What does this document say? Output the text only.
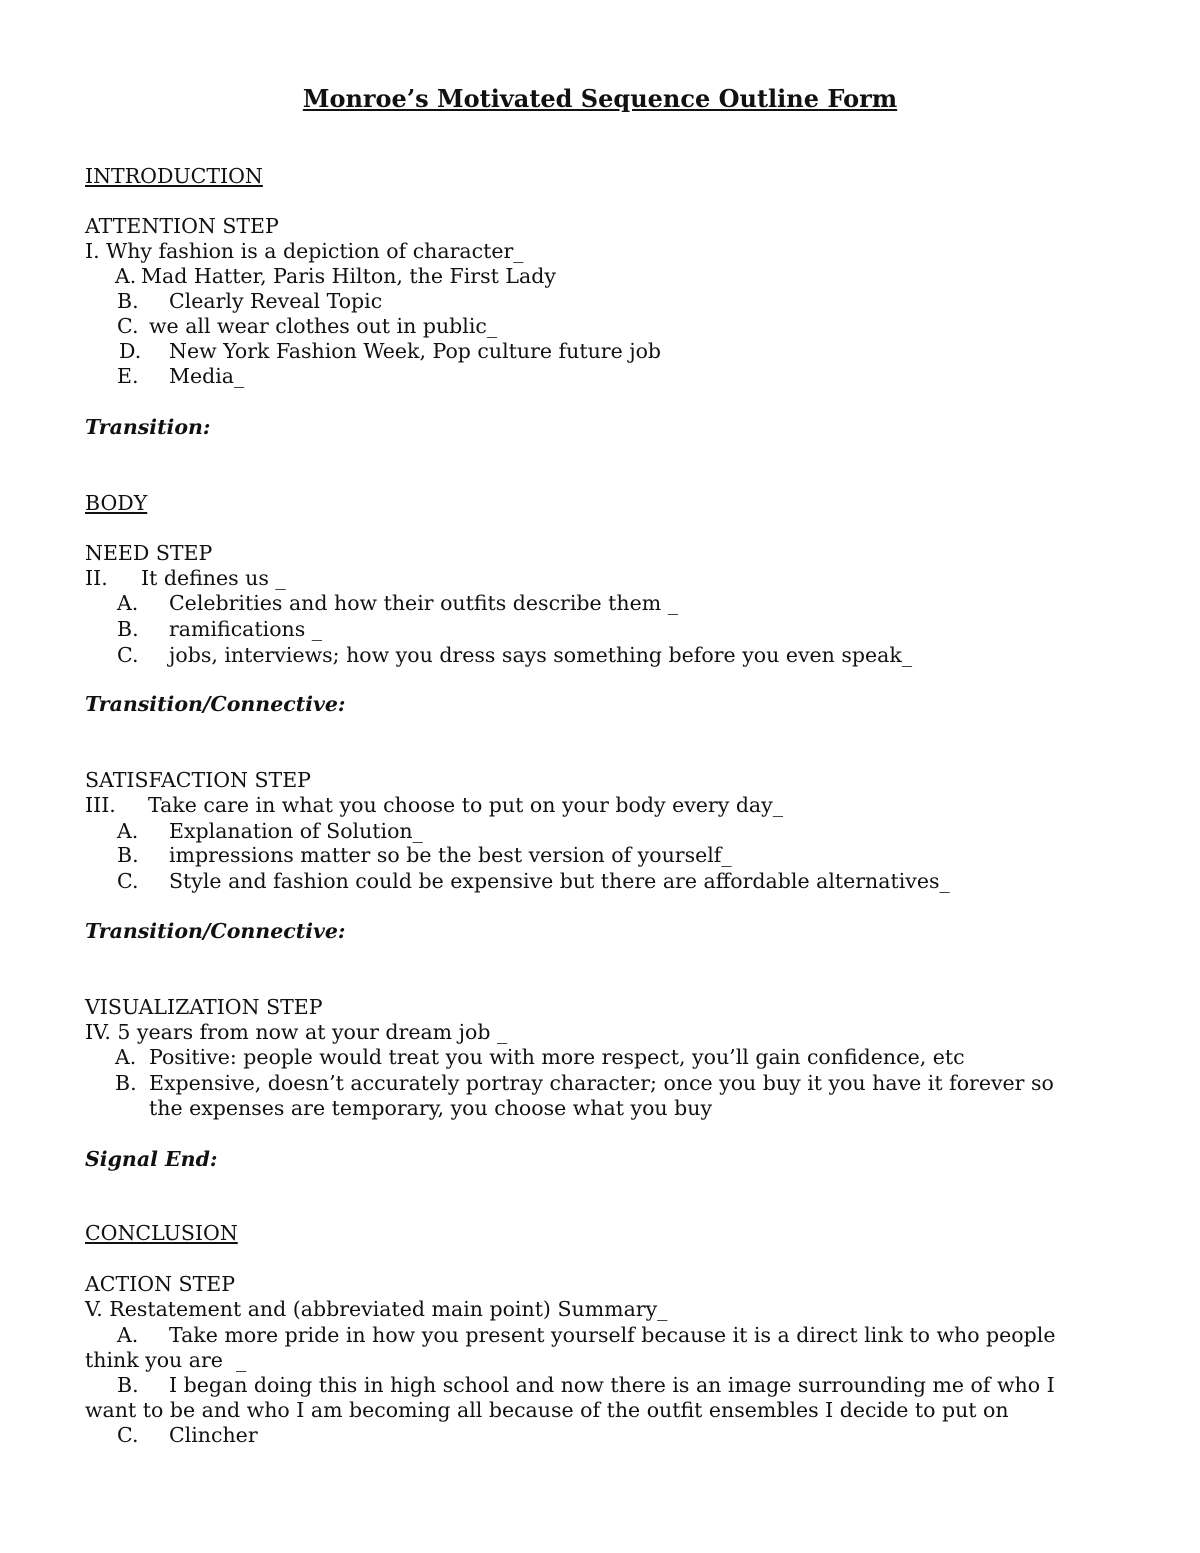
Monroe’s Motivated Sequence Outline Form
INTRODUCTION
ATTENTION STEP
I. Why fashion is a depiction of character_
A. Mad Hatter, Paris Hilton, the First Lady
B. Clearly Reveal Topic
C. we all wear clothes out in public_
D. New York Fashion Week, Pop culture future job
E. Media_
Transition:
BODY
NEED STEP
II. It defines us _
A. Celebrities and how their outfits describe them _
B. ramifications _
C. jobs, interviews; how you dress says something before you even speak_
Transition/Connective:
SATISFACTION STEP
III. Take care in what you choose to put on your body every day_
A. Explanation of Solution_
B. impressions matter so be the best version of yourself_
C. Style and fashion could be expensive but there are affordable alternatives_
Transition/Connective:
VISUALIZATION STEP
IV. 5 years from now at your dream job _
A. Positive: people would treat you with more respect, you’ll gain confidence, etc
B. Expensive, doesn’t accurately portray character; once you buy it you have it forever so
the expenses are temporary, you choose what you buy
Signal End:
CONCLUSION
ACTION STEP
V. Restatement and (abbreviated main point) Summary_
A. Take more pride in how you present yourself because it is a direct link to who people
think you are  _
B. I began doing this in high school and now there is an image surrounding me of who I
want to be and who I am becoming all because of the outfit ensembles I decide to put on
C. Clincher
